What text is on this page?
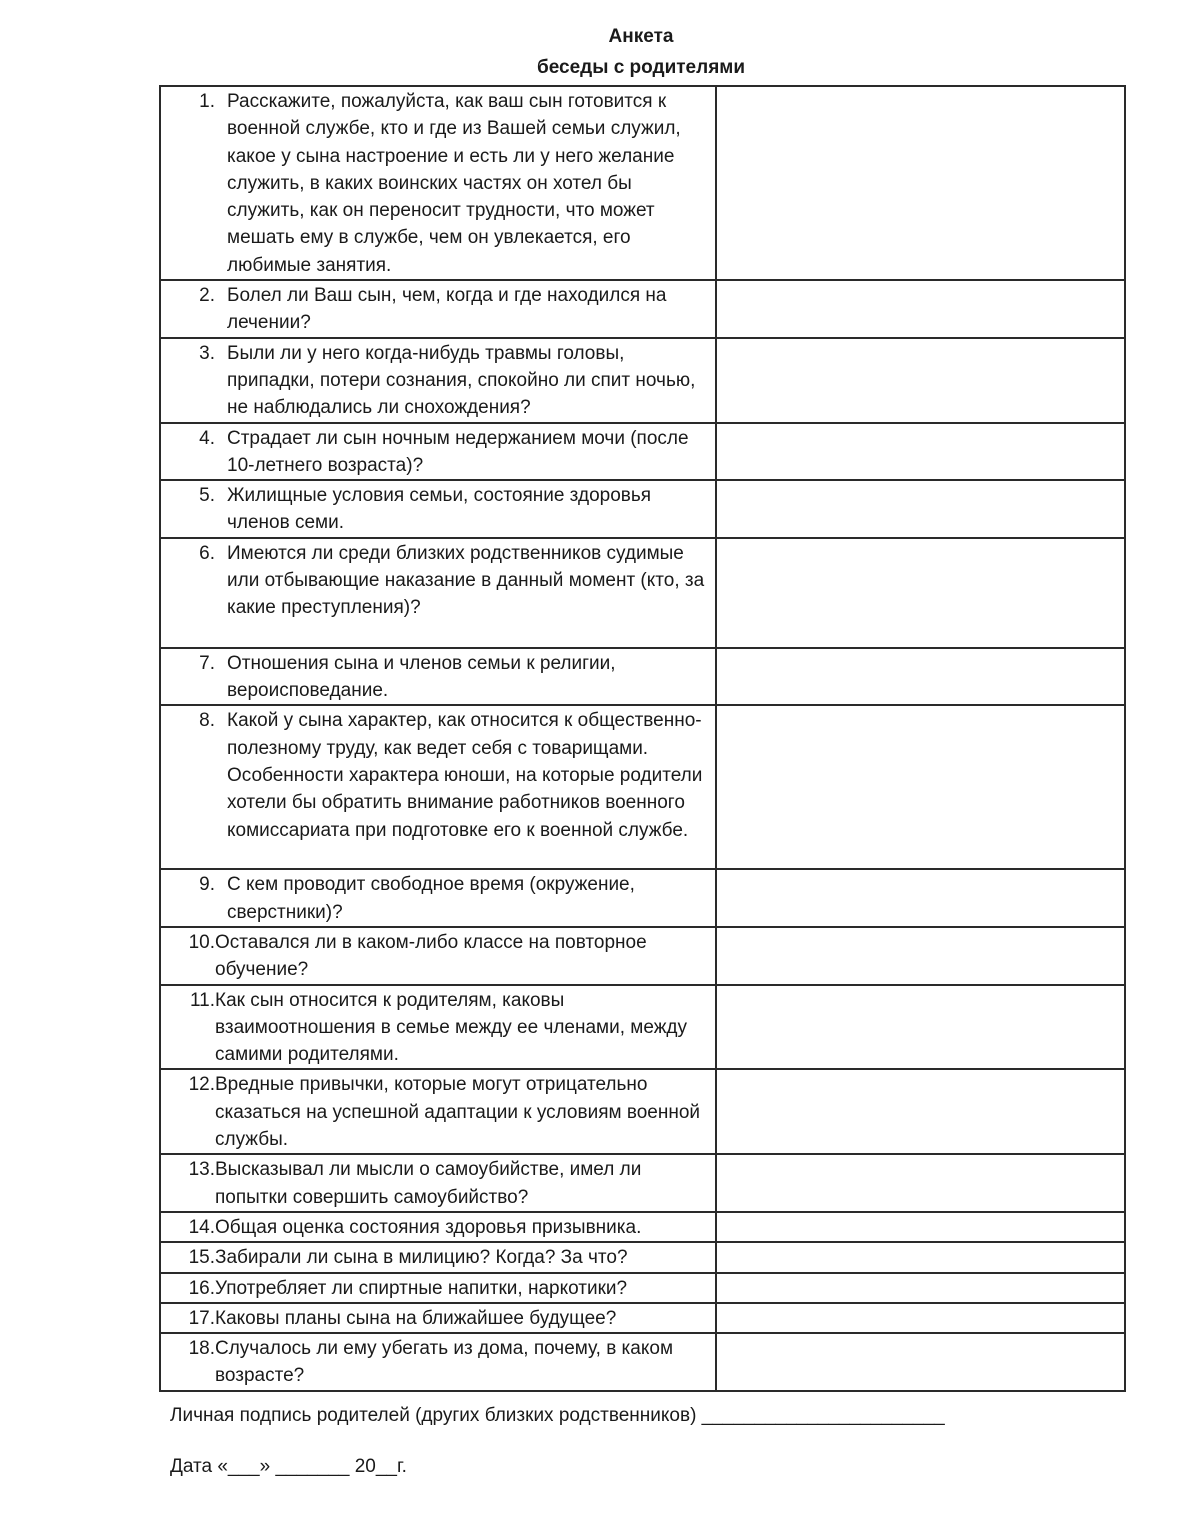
Анкета
беседы с родителями
1. Расскажите, пожалуйста, как ваш сын готовится к военной службе, кто и где из Вашей семьи служил, какое у сына настроение и есть ли у него желание служить, в каких воинских частях он хотел бы служить, как он переносит трудности, что может мешать ему в службе, чем он увлекается, его любимые занятия.	

2. Болел ли Ваш сын, чем, когда и где находился на лечении?	

3. Были ли у него когда-нибудь травмы головы, припадки, потери сознания, спокойно ли спит ночью, не наблюдались ли снохождения?	

4. Страдает ли сын ночным недержанием мочи (после 10-летнего возраста)?	

5. Жилищные условия семьи, состояние здоровья членов семи.	

6. Имеются ли среди близких родственников судимые или отбывающие наказание в данный момент (кто, за какие преступления)?	

7. Отношения сына и членов семьи к религии, вероисповедание.	

8. Какой у сына характер, как относится к общественно-полезному труду, как ведет себя с товарищами. Особенности характера юноши, на которые родители хотели бы обратить внимание работников военного комиссариата при подготовке его к военной службе.	

9. С кем проводит свободное время (окружение, сверстники)?	

10. Оставался ли в каком-либо классе на повторное обучение?	

11. Как сын относится к родителям, каковы взаимоотношения в семье между ее членами, между самими родителями.	

12. Вредные привычки, которые могут отрицательно сказаться на успешной адаптации к условиям военной службы.	

13. Высказывал ли мысли о самоубийстве, имел ли попытки совершить самоубийство?	

14. Общая оценка состояния здоровья призывника.	

15. Забирали ли сына в милицию? Когда? За что?	

16. Употребляет ли спиртные напитки, наркотики?	

17. Каковы планы сына на ближайшее будущее?	

18. Случалось ли ему убегать из дома, почему, в каком возрасте?	

Личная подпись родителей (других близких родственников) _______________________
Дата «___» _______ 20__г.
